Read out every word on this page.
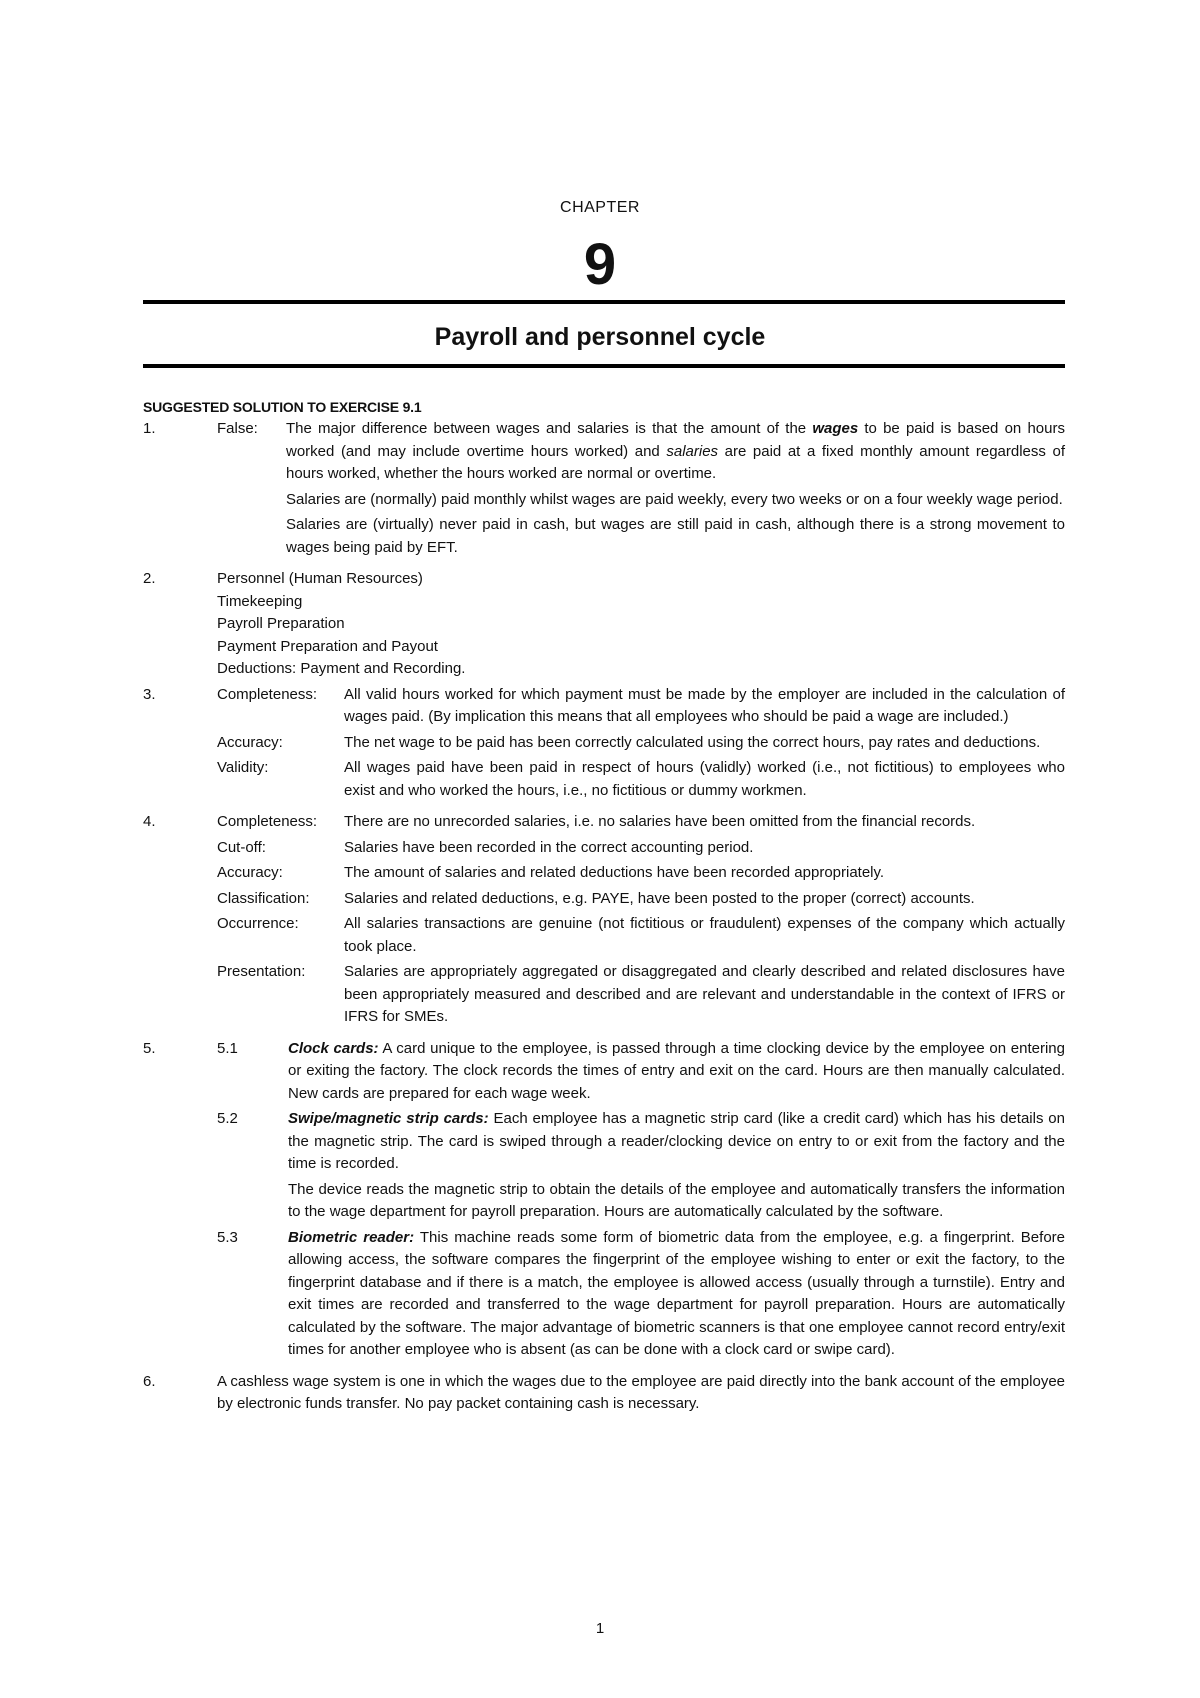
CHAPTER
9
Payroll and personnel cycle
SUGGESTED SOLUTION TO EXERCISE 9.1
1.	False:	The major difference between wages and salaries is that the amount of the wages to be paid is based on hours worked (and may include overtime hours worked) and salaries are paid at a fixed monthly amount regardless of hours worked, whether the hours worked are normal or overtime.
Salaries are (normally) paid monthly whilst wages are paid weekly, every two weeks or on a four weekly wage period.
Salaries are (virtually) never paid in cash, but wages are still paid in cash, although there is a strong movement to wages being paid by EFT.
2.	Personnel (Human Resources)
Timekeeping
Payroll Preparation
Payment Preparation and Payout
Deductions: Payment and Recording.
3.	Completeness:	All valid hours worked for which payment must be made by the employer are included in the calculation of wages paid. (By implication this means that all employees who should be paid a wage are included.)
Accuracy:	The net wage to be paid has been correctly calculated using the correct hours, pay rates and deductions.
Validity:	All wages paid have been paid in respect of hours (validly) worked (i.e., not fictitious) to employees who exist and who worked the hours, i.e., no fictitious or dummy workmen.
4.	Completeness:	There are no unrecorded salaries, i.e. no salaries have been omitted from the financial records.
Cut-off:	Salaries have been recorded in the correct accounting period.
Accuracy:	The amount of salaries and related deductions have been recorded appropriately.
Classification:	Salaries and related deductions, e.g. PAYE, have been posted to the proper (correct) accounts.
Occurrence:	All salaries transactions are genuine (not fictitious or fraudulent) expenses of the company which actually took place.
Presentation:	Salaries are appropriately aggregated or disaggregated and clearly described and related disclosures have been appropriately measured and described and are relevant and understandable in the context of IFRS or IFRS for SMEs.
5.	5.1	Clock cards: A card unique to the employee, is passed through a time clocking device by the employee on entering or exiting the factory. The clock records the times of entry and exit on the card. Hours are then manually calculated. New cards are prepared for each wage week.
5.2	Swipe/magnetic strip cards: Each employee has a magnetic strip card (like a credit card) which has his details on the magnetic strip. The card is swiped through a reader/clocking device on entry to or exit from the factory and the time is recorded.
The device reads the magnetic strip to obtain the details of the employee and automatically transfers the information to the wage department for payroll preparation. Hours are automatically calculated by the software.
5.3	Biometric reader: This machine reads some form of biometric data from the employee, e.g. a fingerprint. Before allowing access, the software compares the fingerprint of the employee wishing to enter or exit the factory, to the fingerprint database and if there is a match, the employee is allowed access (usually through a turnstile). Entry and exit times are recorded and transferred to the wage department for payroll preparation. Hours are automatically calculated by the software. The major advantage of biometric scanners is that one employee cannot record entry/exit times for another employee who is absent (as can be done with a clock card or swipe card).
6.	A cashless wage system is one in which the wages due to the employee are paid directly into the bank account of the employee by electronic funds transfer. No pay packet containing cash is necessary.
1
